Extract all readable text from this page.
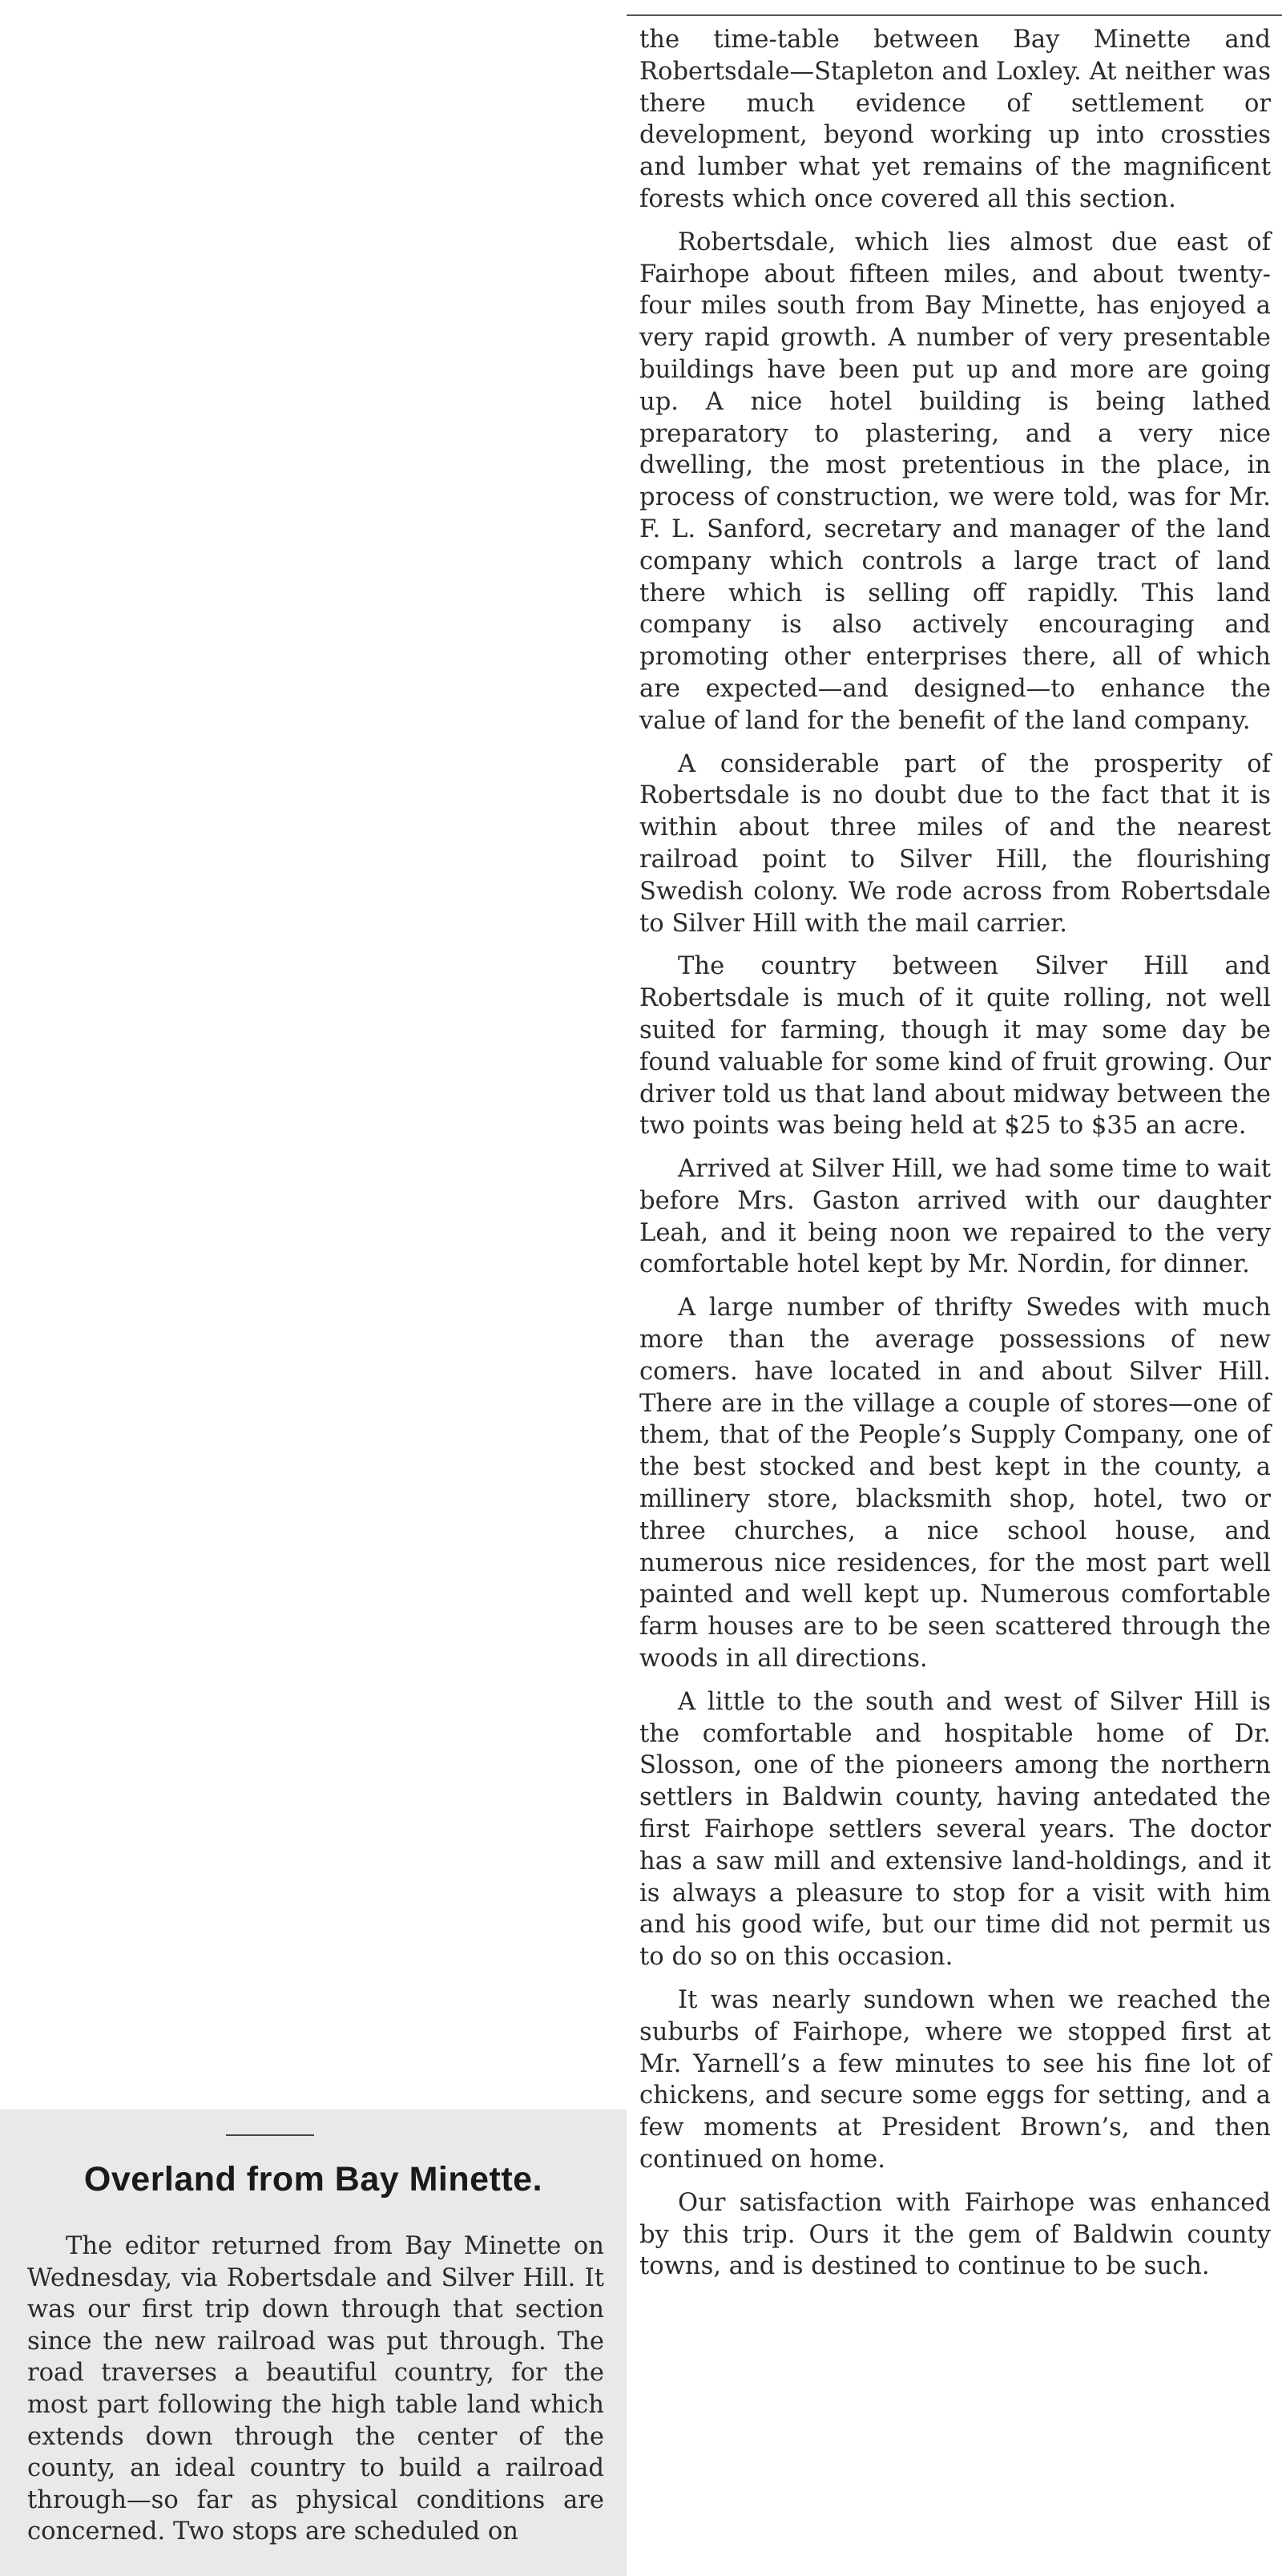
the time-table between Bay Minette and Robertsdale—Stapleton and Loxley. At neither was there much evidence of settlement or development, beyond working up into crossties and lumber what yet remains of the magnificent forests which once covered all this section.

Robertsdale, which lies almost due east of Fairhope about fifteen miles, and about twenty-four miles south from Bay Minette, has enjoyed a very rapid growth. A number of very presentable buildings have been put up and more are going up. A nice hotel building is being lathed preparatory to plastering, and a very nice dwelling, the most pretentious in the place, in process of construction, we were told, was for Mr. F. L. Sanford, secretary and manager of the land company which controls a large tract of land there which is selling off rapidly. This land company is also actively encouraging and promoting other enterprises there, all of which are expected—and designed—to enhance the value of land for the benefit of the land company.

A considerable part of the prosperity of Robertsdale is no doubt due to the fact that it is within about three miles of and the nearest railroad point to Silver Hill, the flourishing Swedish colony. We rode across from Robertsdale to Silver Hill with the mail carrier.

The country between Silver Hill and Robertsdale is much of it quite rolling, not well suited for farming, though it may some day be found valuable for some kind of fruit growing. Our driver told us that land about midway between the two points was being held at $25 to $35 an acre.

Arrived at Silver Hill, we had some time to wait before Mrs. Gaston arrived with our daughter Leah, and it being noon we repaired to the very comfortable hotel kept by Mr. Nordin, for dinner.

A large number of thrifty Swedes with much more than the average possessions of new comers. have located in and about Silver Hill. There are in the village a couple of stores—one of them, that of the People’s Supply Company, one of the best stocked and best kept in the county, a millinery store, blacksmith shop, hotel, two or three churches, a nice school house, and numerous nice residences, for the most part well painted and well kept up. Numerous comfortable farm houses are to be seen scattered through the woods in all directions.

A little to the south and west of Silver Hill is the comfortable and hospitable home of Dr. Slosson, one of the pioneers among the northern settlers in Baldwin county, having antedated the first Fairhope settlers several years. The doctor has a saw mill and extensive land-holdings, and it is always a pleasure to stop for a visit with him and his good wife, but our time did not permit us to do so on this occasion.

It was nearly sundown when we reached the suburbs of Fairhope, where we stopped first at Mr. Yarnell’s a few minutes to see his fine lot of chickens, and secure some eggs for setting, and a few moments at President Brown’s, and then continued on home.

Our satisfaction with Fairhope was enhanced by this trip. Ours it the gem of Baldwin county towns, and is destined to continue to be such.

Overland from Bay Minette.

The editor returned from Bay Minette on Wednesday, via Robertsdale and Silver Hill. It was our first trip down through that section since the new railroad was put through. The road traverses a beautiful country, for the most part following the high table land which extends down through the center of the county, an ideal country to build a railroad through—so far as physical conditions are concerned. Two stops are scheduled on
